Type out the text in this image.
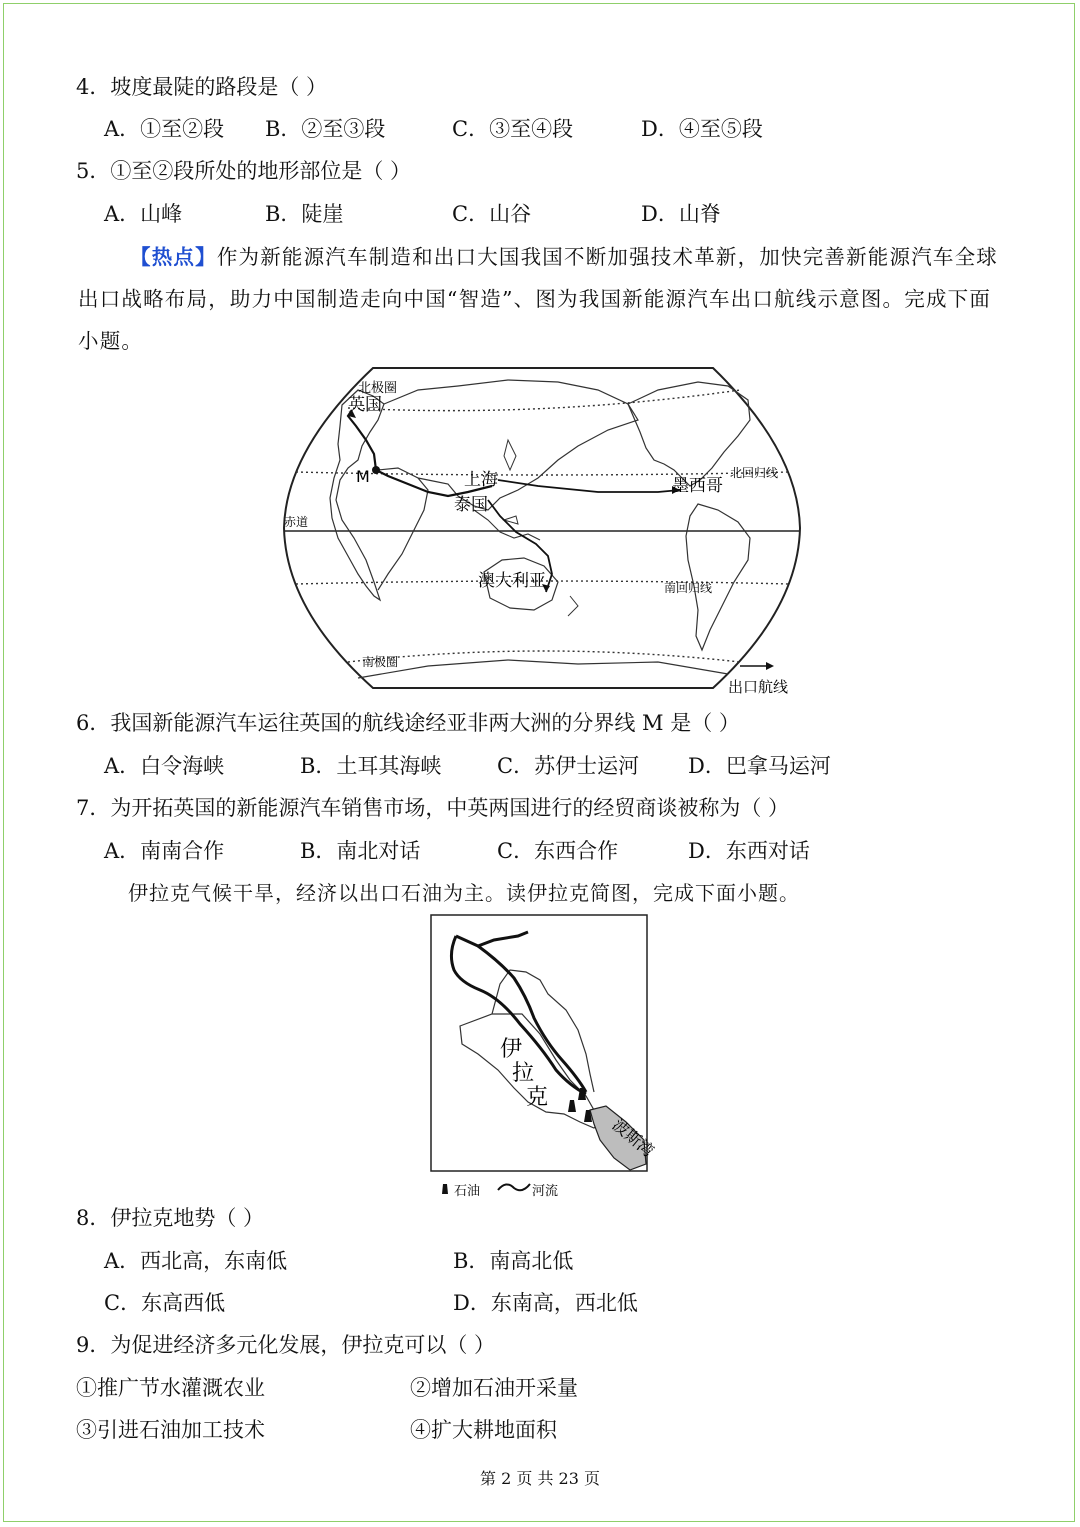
4．坡度最陡的路段是（ ）
A．①至②段 B．②至③段	C．③至④段	D．④至⑤段
5．①至②段所处的地形部位是（ ）
A．山峰	B．陡崖	C．山谷	D．山脊
【热点】作为新能源汽车制造和出口大国我国不断加强技术革新，加快完善新能源汽车全球出口战略布局，助力中国制造走向中国“智造”、图为我国新能源汽车出口航线示意图。完成下面小题。
北极圈
英国
M	上海
泰国
墨西哥
澳大利亚
北回归线
赤道
南回归线
南极圈
出口航线
6．我国新能源汽车运往英国的航线途经亚非两大洲的分界线 M 是（ ）
A．白令海峡	B．土耳其海峡	C．苏伊士运河 D．巴拿马运河
7．为开拓英国的新能源汽车销售市场，中英两国进行的经贸商谈被称为（ ）
A．南南合作	B．南北对话	C．东西合作	D．东西对话
伊拉克气候干旱，经济以出口石油为主。读伊拉克简图，完成下面小题。
伊
拉
克
波斯湾
石油	河流
8．伊拉克地势（ ）
A．西北高，东南低	B．南高北低
C．东高西低	D．东南高，西北低
9．为促进经济多元化发展，伊拉克可以（ ）
①推广节水灌溉农业	②增加石油开采量
③引进石油加工技术	④扩大耕地面积
第 2 页 共 23 页
